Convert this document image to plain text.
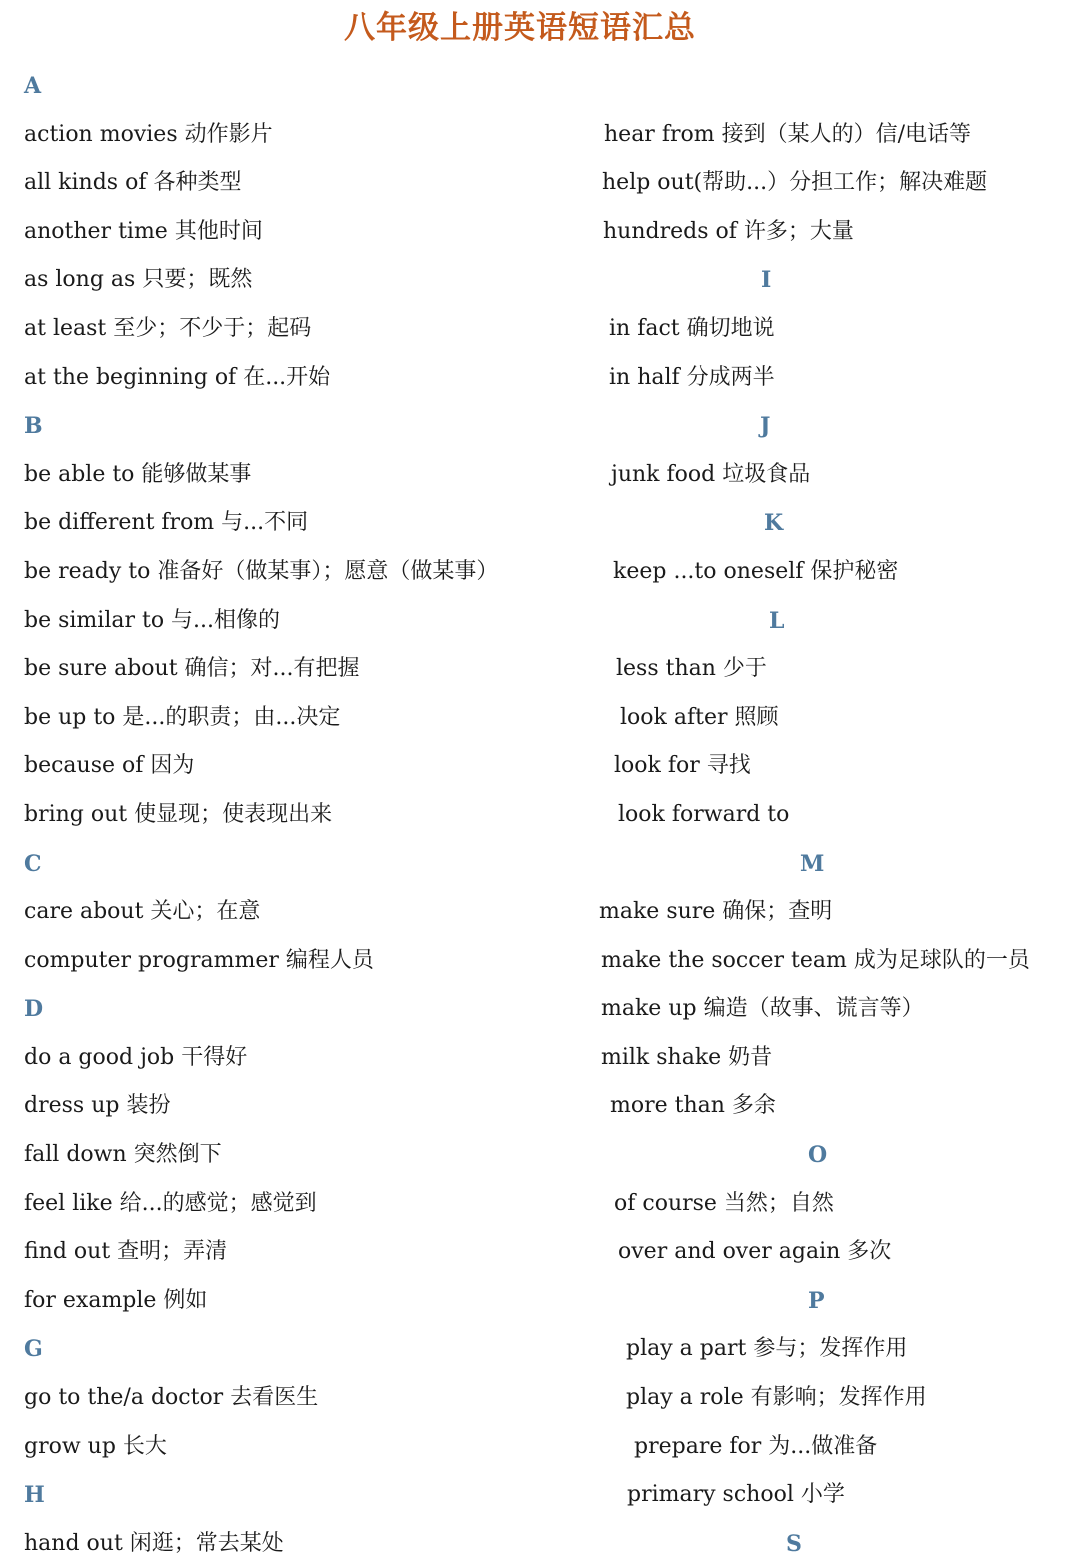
八年级上册英语短语汇总
A
action movies 动作影片
all kinds of 各种类型
another time 其他时间
as long as 只要；既然
at least 至少；不少于；起码
at the beginning of 在...开始
B
be able to 能够做某事
be different from 与...不同
be ready to 准备好（做某事）；愿意（做某事）
be similar to 与...相像的
be sure about 确信；对...有把握
be up to 是...的职责；由...决定
because of 因为
bring out 使显现；使表现出来
C
care about 关心；在意
computer programmer 编程人员
D
do a good job 干得好
dress up 装扮
fall down 突然倒下
feel like 给...的感觉；感觉到
find out 查明；弄清
for example 例如
G
go to the/a doctor 去看医生
grow up 长大
H
hand out 闲逛；常去某处
hear from 接到（某人的）信/电话等
help out(帮助...）分担工作；解决难题
hundreds of 许多；大量
I
in fact 确切地说
in half 分成两半
J
junk food 垃圾食品
K
keep ...to oneself 保护秘密
L
less than 少于
look after 照顾
look for 寻找
look forward to
M
make sure 确保；查明
make the soccer team 成为足球队的一员
make up 编造（故事、谎言等）
milk shake 奶昔
more than 多余
O
of course 当然；自然
over and over again 多次
P
play a part 参与；发挥作用
play a role 有影响；发挥作用
prepare for 为...做准备
primary school 小学
S
